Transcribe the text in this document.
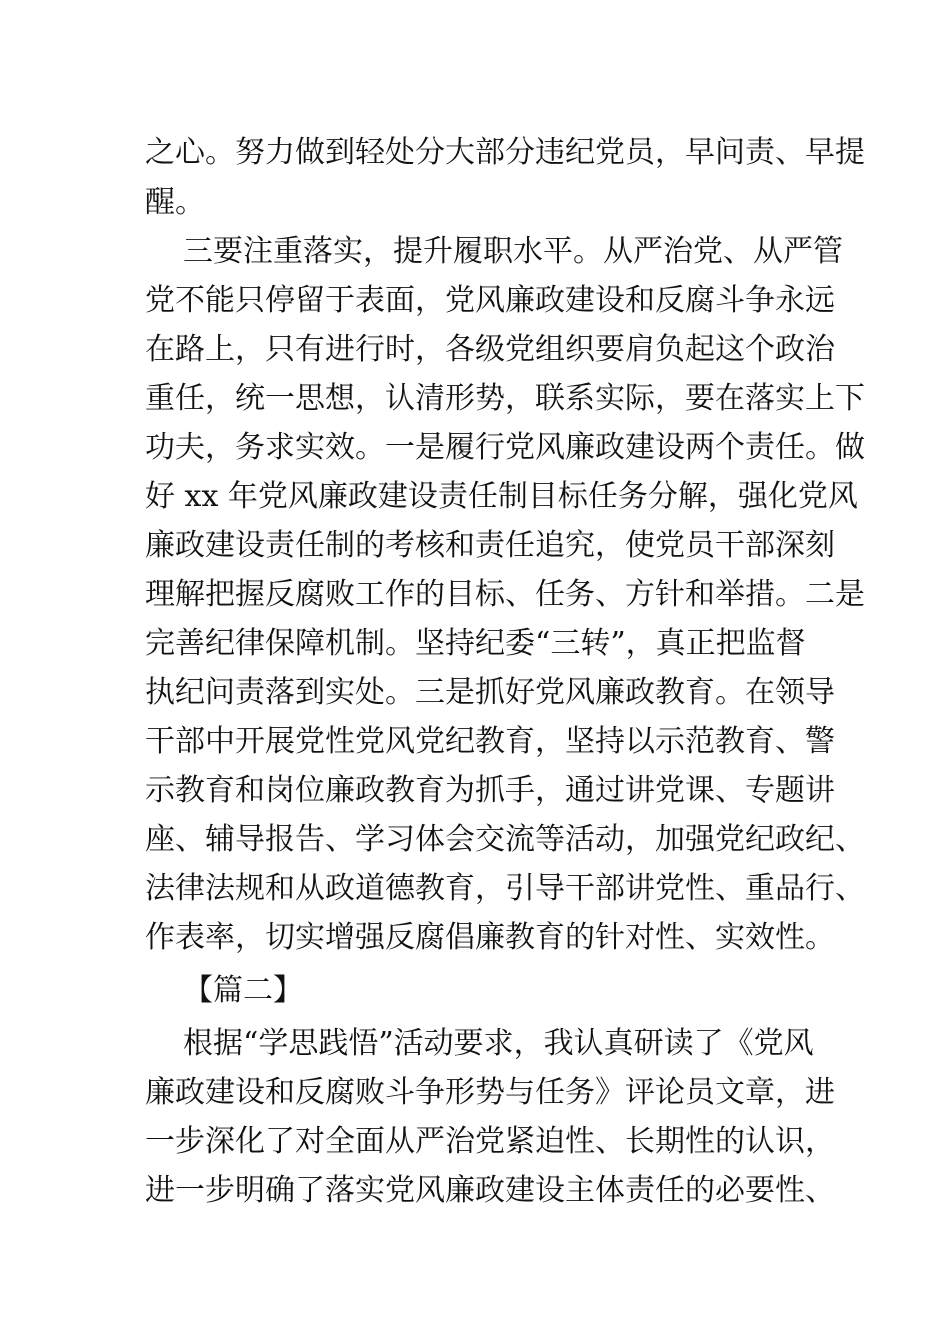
之心。努力做到轻处分大部分违纪党员，早问责、早提
醒。
三要注重落实，提升履职水平。从严治党、从严管
党不能只停留于表面，党风廉政建设和反腐斗争永远
在路上，只有进行时，各级党组织要肩负起这个政治
重任，统一思想，认清形势，联系实际，要在落实上下
功夫，务求实效。一是履行党风廉政建设两个责任。做
好 xx 年党风廉政建设责任制目标任务分解，强化党风
廉政建设责任制的考核和责任追究，使党员干部深刻
理解把握反腐败工作的目标、任务、方针和举措。二是
完善纪律保障机制。坚持纪委“三转”，真正把监督
执纪问责落到实处。三是抓好党风廉政教育。在领导
干部中开展党性党风党纪教育，坚持以示范教育、警
示教育和岗位廉政教育为抓手，通过讲党课、专题讲
座、辅导报告、学习体会交流等活动，加强党纪政纪、
法律法规和从政道德教育，引导干部讲党性、重品行、
作表率，切实增强反腐倡廉教育的针对性、实效性。
【篇二】
根据“学思践悟”活动要求，我认真研读了《党风
廉政建设和反腐败斗争形势与任务》评论员文章，进
一步深化了对全面从严治党紧迫性、长期性的认识，
进一步明确了落实党风廉政建设主体责任的必要性、
